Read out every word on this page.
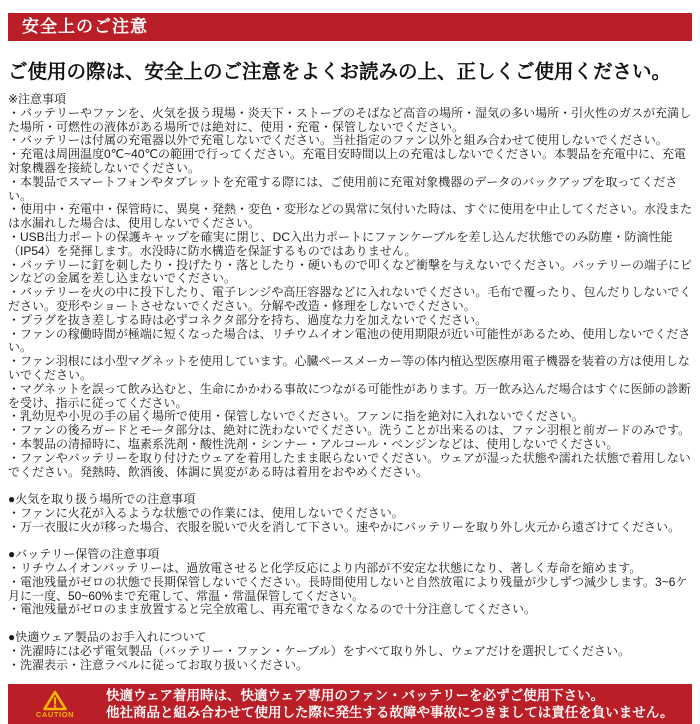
安全上のご注意
ご使用の際は、安全上のご注意をよくお読みの上、正しくご使用ください。

※注意事項

・バッテリーやファンを、火気を扱う現場・炎天下・ストーブのそばなど高音の場所・湿気の多い場所・引火性のガスが充満した場所・可燃性の液体がある場所では絶対に、使用・充電・保管しないでください。

・バッテリーは付属の充電器以外で充電しないでください。当社指定のファン以外と組み合わせて使用しないでください。

・充電は周囲温度0℃~40℃の範囲で行ってください。充電目安時間以上の充電はしないでください。本製品を充電中に、充電対象機器を接続しないでください。

・本製品でスマートフォンやタブレットを充電する際には、ご使用前に充電対象機器のデータのバックアップを取ってください。

・使用中・充電中・保管時に、異臭・発熱・変色・変形などの異常に気付いた時は、すぐに使用を中止してください。水没または水漏れした場合は、使用しないでください。

・USB出力ポートの保護キャップを確実に閉じ、DC入出力ポートにファンケーブルを差し込んだ状態でのみ防塵・防滴性能（IP54）を発揮します。水没時に防水構造を保証するものではありません。

・バッテリーに釘を刺したり・投げたり・落としたり・硬いもので叩くなど衝撃を与えないでください。バッテリーの端子にピンなどの金属を差し込まないでください。

・バッテリーを火の中に投下したり、電子レンジや高圧容器などに入れないでください。毛布で覆ったり、包んだりしないでください。変形やショートさせないでください。分解や改造・修理をしないでください。

・プラグを抜き差しする時は必ずコネクタ部分を持ち、過度な力を加えないでください。

・ファンの稼働時間が極端に短くなった場合は、リチウムイオン電池の使用期限が近い可能性があるため、使用しないでください。

・ファン羽根には小型マグネットを使用しています。心臓ペースメーカー等の体内植込型医療用電子機器を装着の方は使用しないでください。

・マグネットを誤って飲み込むと、生命にかかわる事故につながる可能性があります。万一飲み込んだ場合はすぐに医師の診断を受け、指示に従ってください。

・乳幼児や小児の手の届く場所で使用・保管しないでください。ファンに指を絶対に入れないでください。

・ファンの後ろガードとモータ部分は、絶対に洗わないでください。洗うことが出来るのは、ファン羽根と前ガードのみです。

・本製品の清掃時に、塩素系洗剤・酸性洗剤・シンナー・アルコール・ベンジンなどは、使用しないでください。

・ファンやバッテリーを取り付けたウェアを着用したまま眠らないでください。ウェアが湿った状態や濡れた状態で着用しないでください。発熱時、飲酒後、体調に異変がある時は着用をおやめください。

●火気を取り扱う場所での注意事項

・ファンに火花が入るような状態での作業には、使用しないでください。

・万一衣服に火が移った場合、衣服を脱いで火を消して下さい。速やかにバッテリーを取り外し火元から遠ざけてください。

●バッテリー保管の注意事項

・リチウムイオンバッテリーは、過放電させると化学反応により内部が不安定な状態になり、著しく寿命を縮めます。

・電池残量がゼロの状態で長期保管しないでください。長時間使用しないと自然放電により残量が少しずつ減少します。3~6ケ月に一度、50~60%まで充電して、常温・常温保管してください。

・電池残量がゼロのまま放置すると完全放電し、再充電できなくなるので十分注意してください。

●快適ウェア製品のお手入れについて

・洗濯時には必ず電気製品（バッテリー・ファン・ケーブル）をすべて取り外し、ウェアだけを選択してください。

・洗濯表示・注意ラベルに従ってお取り扱いください。

CAUTION

快適ウェア着用時は、快適ウェア専用のファン・バッテリーを必ずご使用下さい。

他社商品と組み合わせて使用した際に発生する故障や事故につきましては責任を負いません。
